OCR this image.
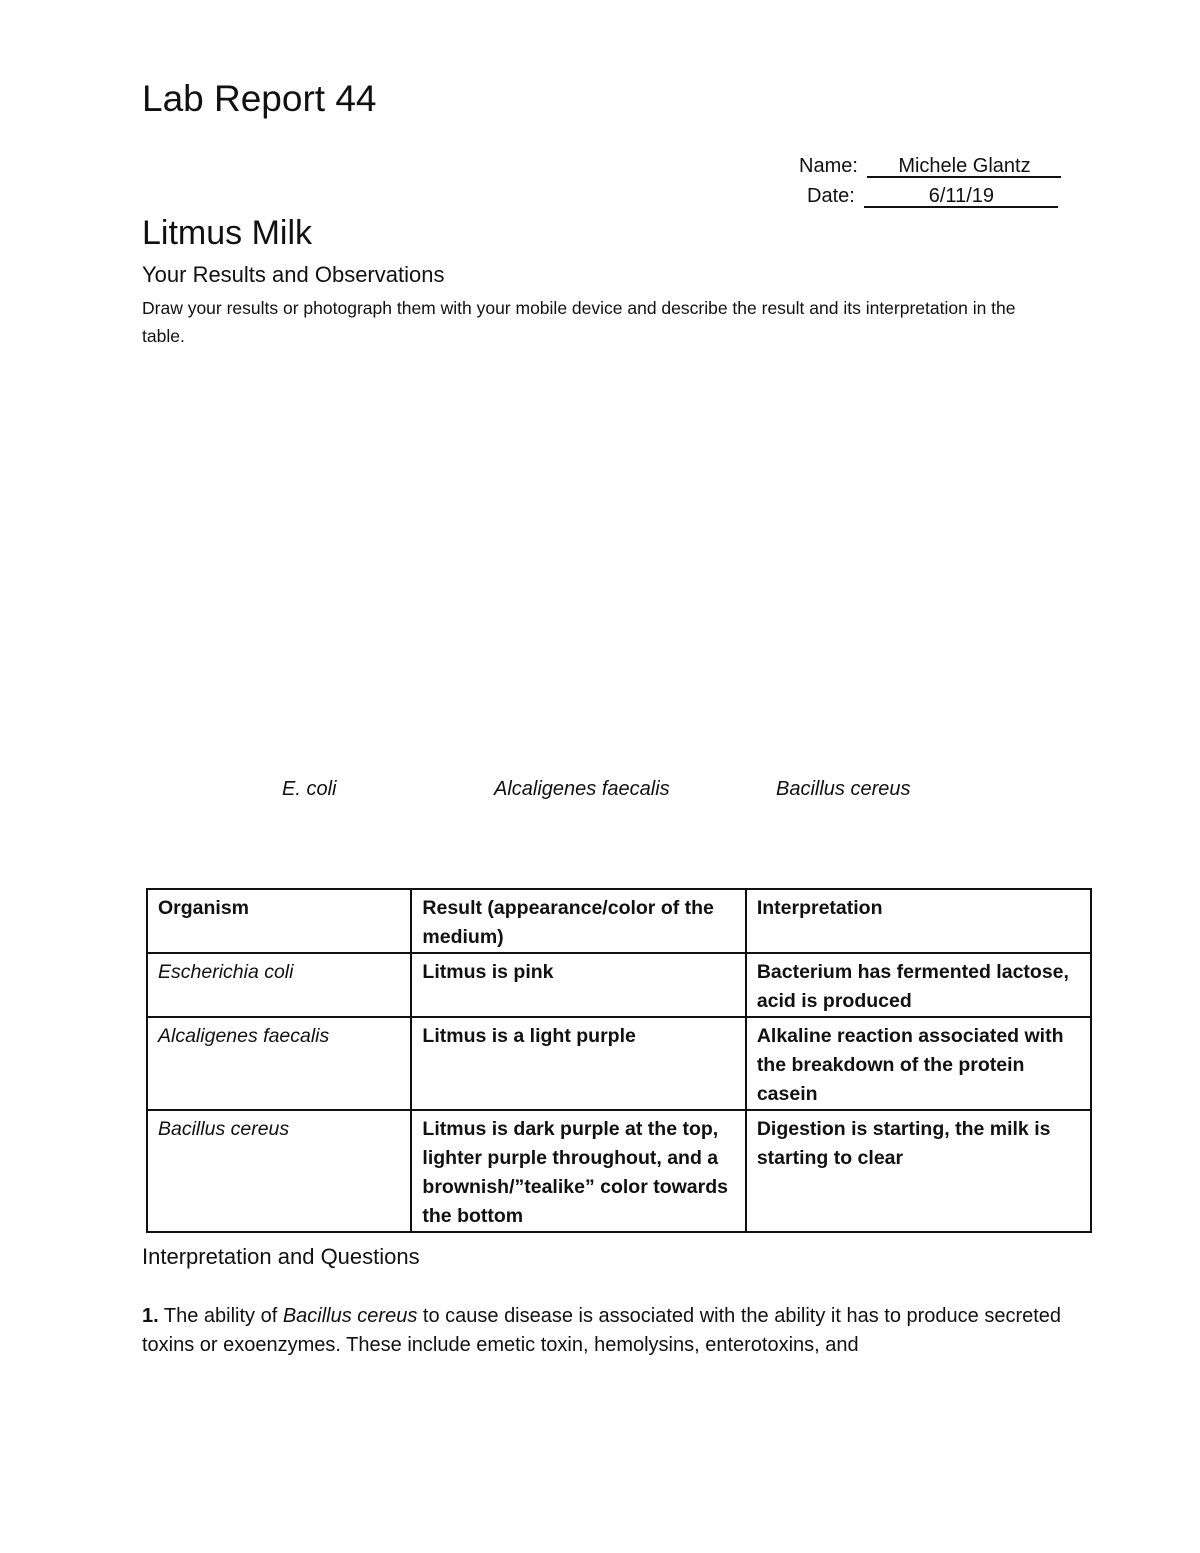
Lab Report 44
Name: Michele Glantz
Date:	6/11/19
Litmus Milk
Your Results and Observations
Draw your results or photograph them with your mobile device and describe the result and its interpretation in the table.
E. coli	Alcaligenes faecalis	Bacillus cereus
Organism	Result (appearance/color of the medium)	Interpretation
Escherichia coli	Litmus is pink	Bacterium has fermented lactose, acid is produced
Alcaligenes faecalis	Litmus is a light purple	Alkaline reaction associated with the breakdown of the protein casein
Bacillus cereus	Litmus is dark purple at the top, lighter purple throughout, and a brownish/”tealike” color towards the bottom	Digestion is starting, the milk is starting to clear
Interpretation and Questions
1. The ability of Bacillus cereus to cause disease is associated with the ability it has to produce secreted toxins or exoenzymes. These include emetic toxin, hemolysins, enterotoxins, and
